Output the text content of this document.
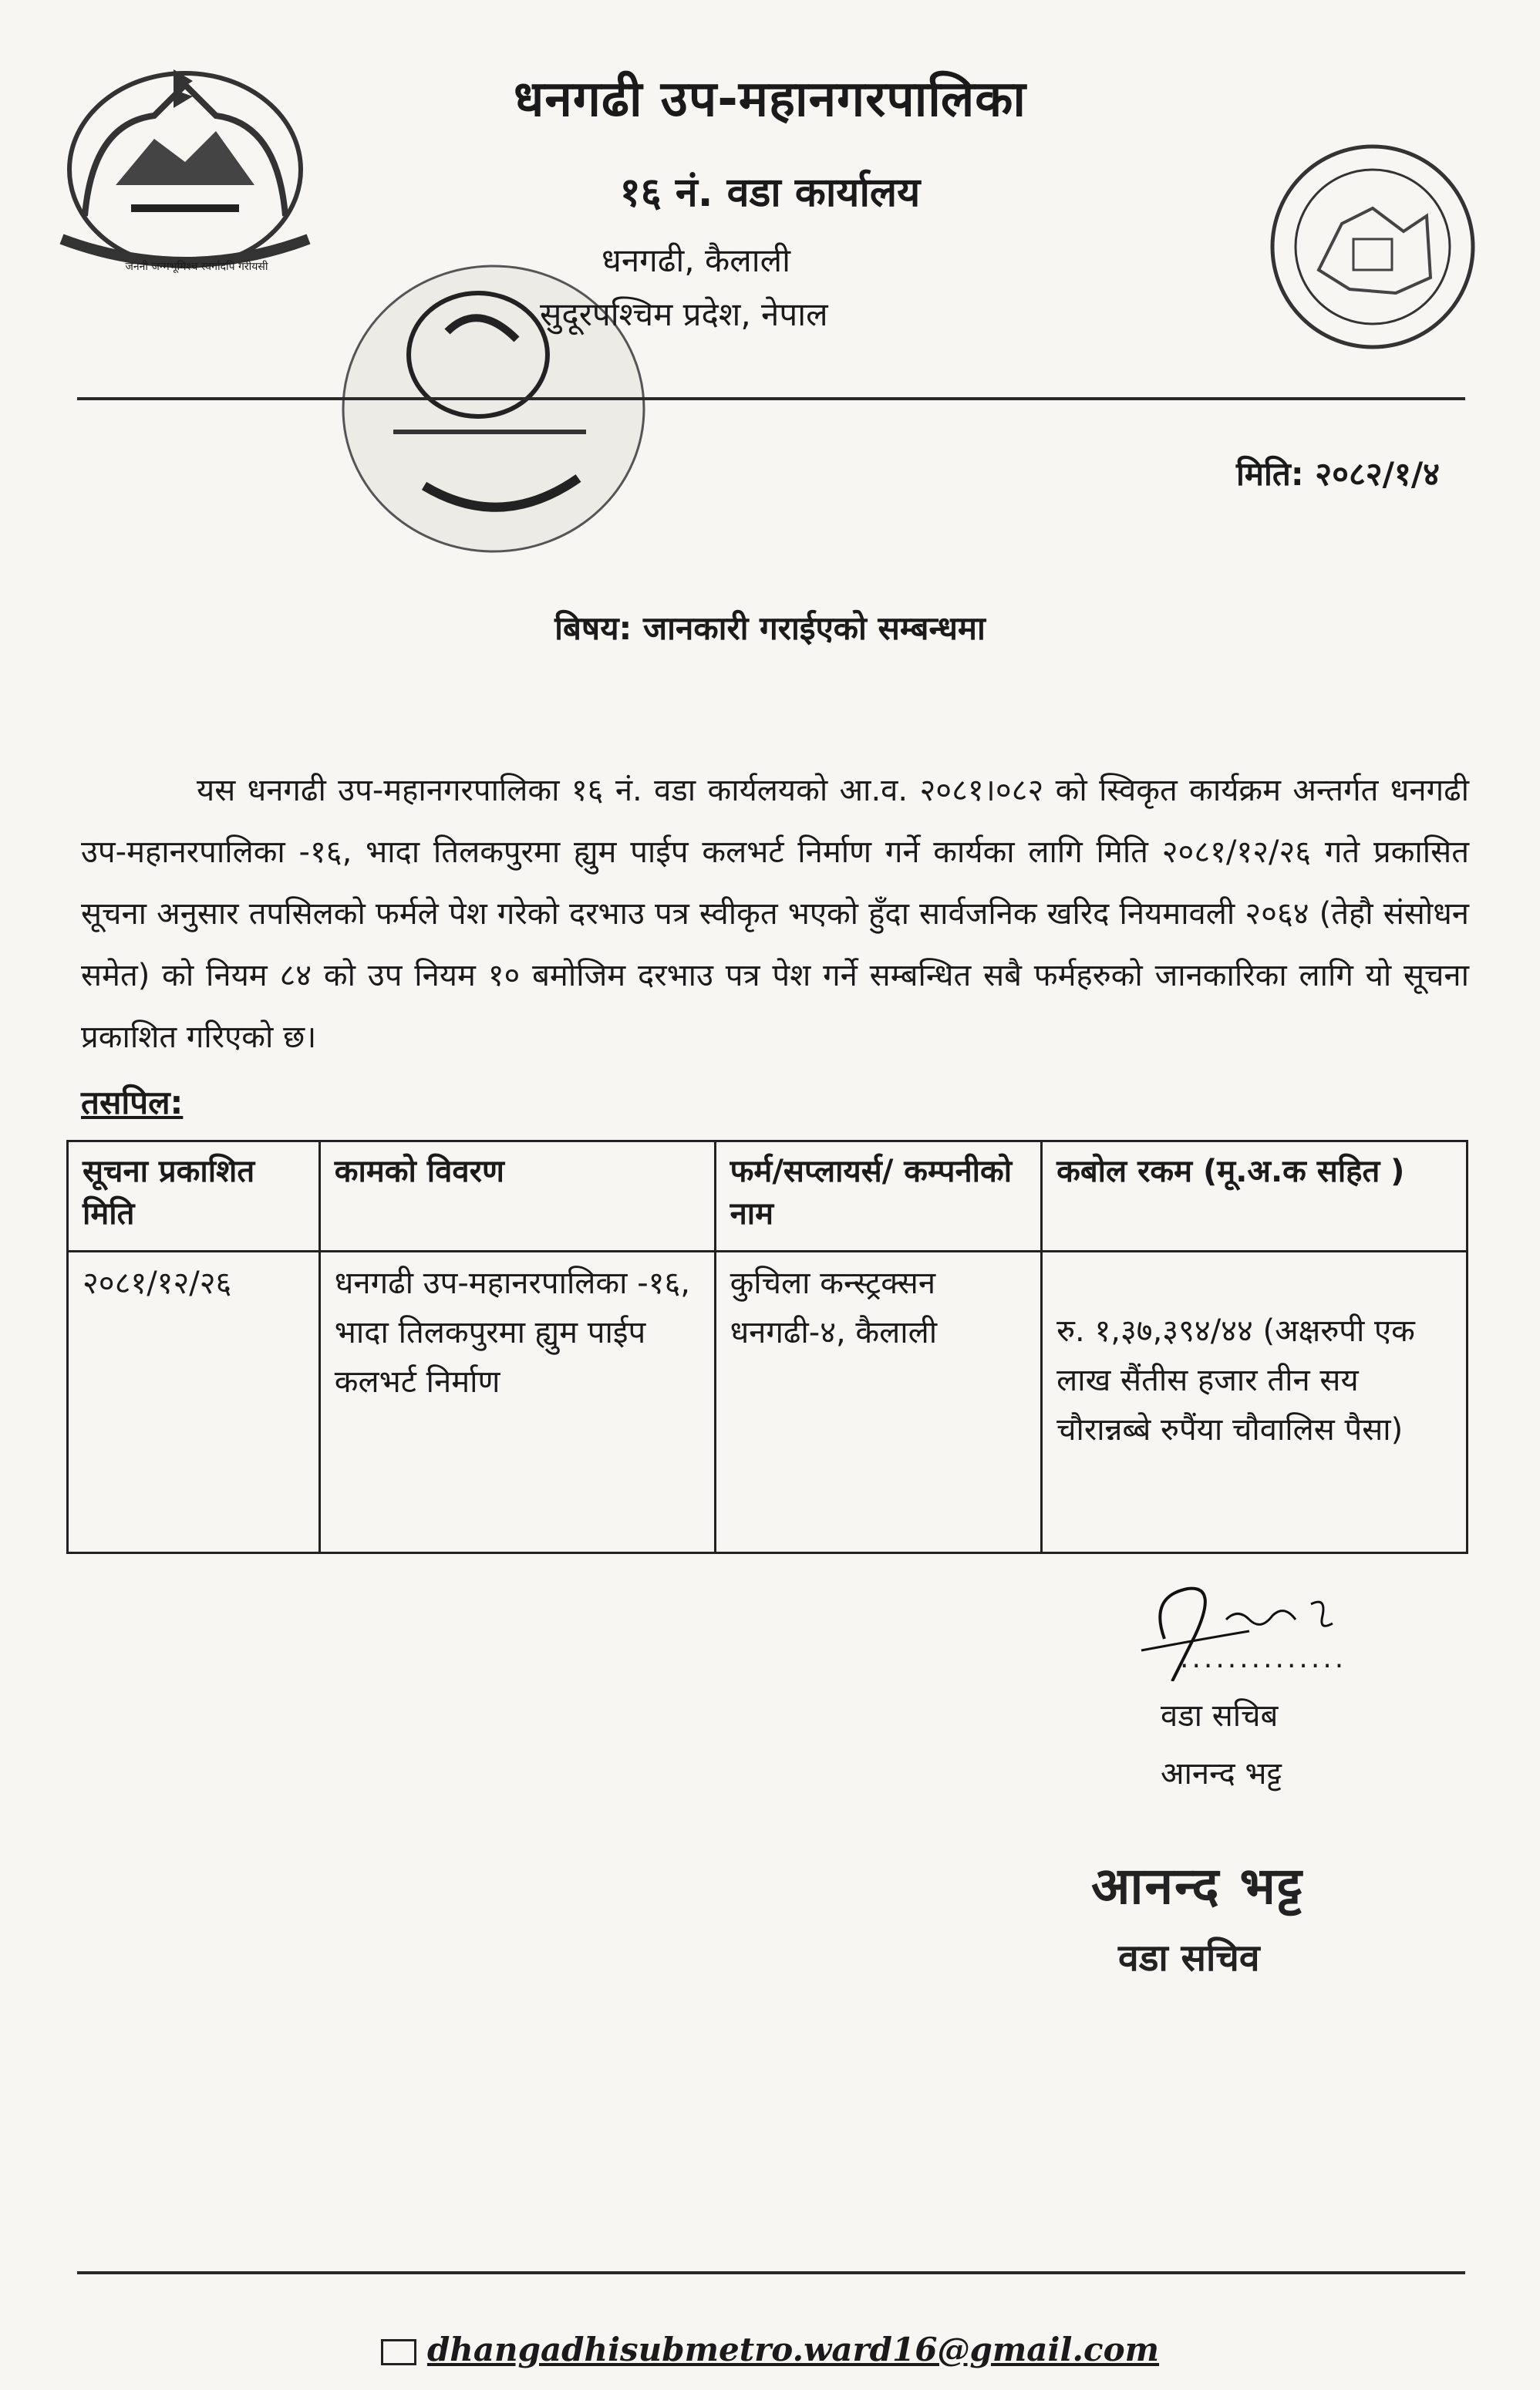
जननी जन्मभूमिश्च स्वर्गादपि गरीयसी
धनगढी उप-महानगरपालिका
१६ नं. वडा कार्यालय
धनगढी, कैलाली
सुदूरपश्चिम प्रदेश, नेपाल
मिति: २०८२/१/४
बिषय: जानकारी गराईएको सम्बन्धमा
यस धनगढी उप-महानगरपालिका १६ नं. वडा कार्यलयको आ.व. २०८१।०८२ को स्विकृत कार्यक्रम अन्तर्गत धनगढी उप-महानरपालिका -१६, भादा तिलकपुरमा ह्युम पाईप कलभर्ट निर्माण गर्ने कार्यका लागि मिति २०८१/१२/२६ गते प्रकासित सूचना अनुसार तपसिलको फर्मले पेश गरेको दरभाउ पत्र स्वीकृत भएको हुँदा सार्वजनिक खरिद नियमावली २०६४ (तेहौ संसोधन समेत) को नियम ८४ को उप नियम १० बमोजिम दरभाउ पत्र पेश गर्ने सम्बन्धित सबै फर्महरुको जानकारिका लागि यो सूचना प्रकाशित गरिएको छ।
तसपिल:
सूचना प्रकाशित मिति	कामको विवरण	फर्म/सप्लायर्स/ कम्पनीको नाम	कबोल रकम (मू.अ.क सहित )
२०८१/१२/२६	धनगढी उप-महानरपालिका -१६, भादा तिलकपुरमा ह्युम पाईप कलभर्ट निर्माण	कुचिला कन्स्ट्रक्सन धनगढी-४, कैलाली	रु. १,३७,३९४/४४ (अक्षरुपी एक लाख सैंतीस हजार तीन सय चौरान्नब्बे रुपैंया चौवालिस पैसा)
..............
वडा सचिब
आनन्द भट्ट
आनन्द भट्ट
वडा सचिव
dhangadhisubmetro.ward16@gmail.com
